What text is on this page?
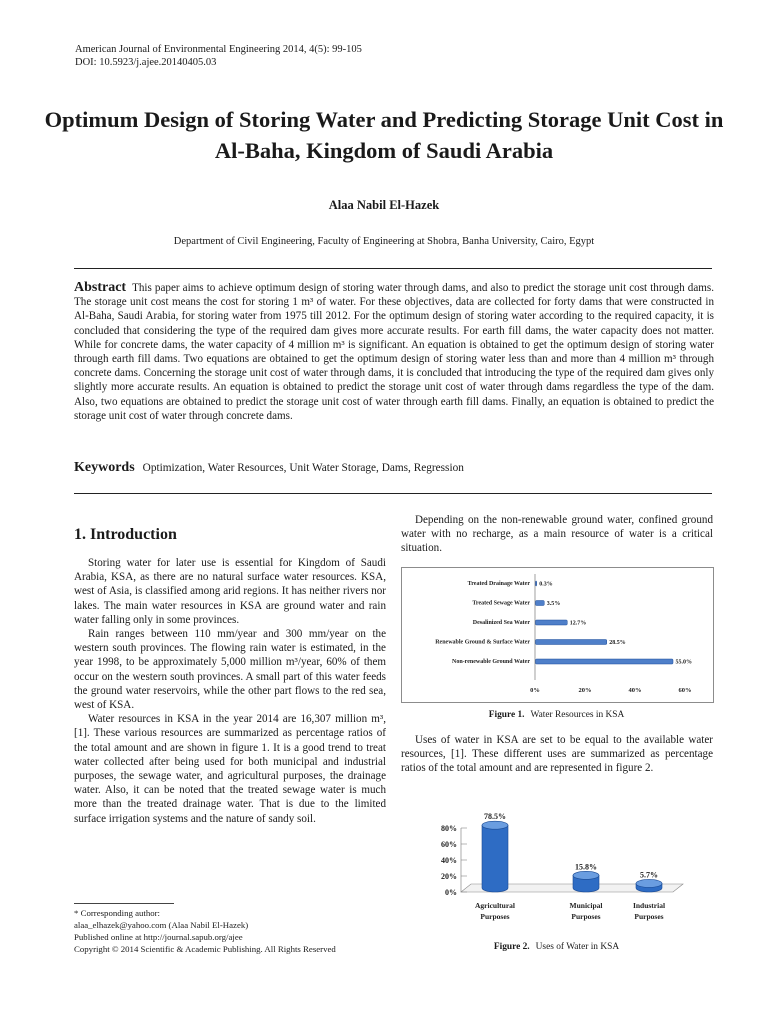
American Journal of Environmental Engineering 2014, 4(5): 99-105
DOI: 10.5923/j.ajee.20140405.03
Optimum Design of Storing Water and Predicting Storage Unit Cost in Al-Baha, Kingdom of Saudi Arabia
Alaa Nabil El-Hazek
Department of Civil Engineering, Faculty of Engineering at Shobra, Banha University, Cairo, Egypt
Abstract This paper aims to achieve optimum design of storing water through dams, and also to predict the storage unit cost through dams. The storage unit cost means the cost for storing 1 m³ of water. For these objectives, data are collected for forty dams that were constructed in Al-Baha, Saudi Arabia, for storing water from 1975 till 2012. For the optimum design of storing water according to the required capacity, it is concluded that considering the type of the required dam gives more accurate results. For earth fill dams, the water capacity does not matter. While for concrete dams, the water capacity of 4 million m³ is significant. An equation is obtained to get the optimum design of storing water through earth fill dams. Two equations are obtained to get the optimum design of storing water less than and more than 4 million m³ through concrete dams. Concerning the storage unit cost of water through dams, it is concluded that introducing the type of the required dam gives only slightly more accurate results. An equation is obtained to predict the storage unit cost of water through dams regardless the type of the dam. Also, two equations are obtained to predict the storage unit cost of water through earth fill dams. Finally, an equation is obtained to predict the storage unit cost of water through concrete dams.
Keywords Optimization, Water Resources, Unit Water Storage, Dams, Regression
1. Introduction

Storing water for later use is essential for Kingdom of Saudi Arabia, KSA, as there are no natural surface water resources. KSA, west of Asia, is classified among arid regions. It has neither rivers nor lakes. The main water resources in KSA are ground water and rain water falling only in some provinces.

Rain ranges between 110 mm/year and 300 mm/year on the western south provinces. The flowing rain water is estimated, in the year 1998, to be approximately 5,000 million m³/year, 60% of them occur on the western south provinces. A small part of this water feeds the ground water reservoirs, while the other part flows to the red sea, west of KSA.

Water resources in KSA in the year 2014 are 16,307 million m³, [1]. These various resources are summarized as percentage ratios of the total amount and are shown in figure 1. It is a good trend to treat water collected after being used for both municipal and industrial purposes, the sewage water, and agricultural purposes, the drainage water. Also, it can be noted that the treated sewage water is much more than the treated drainage water. That is due to the limited surface irrigation systems and the nature of sandy soil.

* Corresponding author:
alaa_elhazek@yahoo.com (Alaa Nabil El-Hazek)
Published online at http://journal.sapub.org/ajee
Copyright © 2014 Scientific & Academic Publishing. All Rights Reserved

Depending on the non-renewable ground water, confined ground water with no recharge, as a main resource of water is a critical situation.

0%	20%	40%	60%
Treated Drainage Water 0.3%
Treated Sewage Water	3.5%
Desalinized Sea Water	12.7%
Renewable Ground & Surface Water	28.5%
Non-renewable Ground Water	55.0%
Figure 1. Water Resources in KSA

Uses of water in KSA are set to be equal to the available water resources, [1]. These different uses are summarized as percentage ratios of the total amount and are represented in figure 2.

0%
20%
40%
60%
80%
78.5%
Agricultural
Purposes
15.8%
Municipal
Purposes
5.7%
Industrial
Purposes
Figure 2. Uses of Water in KSA
